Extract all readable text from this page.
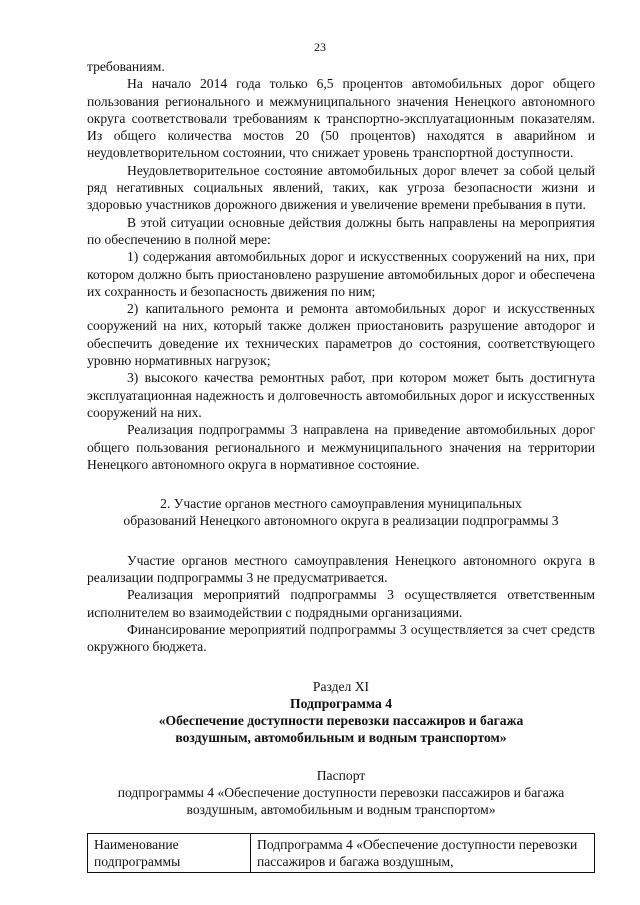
23

требованиям.

На начало 2014 года только 6,5 процентов автомобильных дорог общего пользования регионального и межмуниципального значения Ненецкого автономного округа соответствовали требованиям к транспортно-эксплуатационным показателям. Из общего количества мостов 20 (50 процентов) находятся в аварийном и неудовлетворительном состоянии, что снижает уровень транспортной доступности.

Неудовлетворительное состояние автомобильных дорог влечет за собой целый ряд негативных социальных явлений, таких, как угроза безопасности жизни и здоровью участников дорожного движения и увеличение времени пребывания в пути.

В этой ситуации основные действия должны быть направлены на мероприятия по обеспечению в полной мере:

1) содержания автомобильных дорог и искусственных сооружений на них, при котором должно быть приостановлено разрушение автомобильных дорог и обеспечена их сохранность и безопасность движения по ним;

2) капитального ремонта и ремонта автомобильных дорог и искусственных сооружений на них, который также должен приостановить разрушение автодорог и обеспечить доведение их технических параметров до состояния, соответствующего уровню нормативных нагрузок;

3) высокого качества ремонтных работ, при котором может быть достигнута эксплуатационная надежность и долговечность автомобильных дорог и искусственных сооружений на них.

Реализация подпрограммы 3 направлена на приведение автомобильных дорог общего пользования регионального и межмуниципального значения на территории Ненецкого автономного округа в нормативное состояние.

2. Участие органов местного самоуправления муниципальных

образований Ненецкого автономного округа в реализации подпрограммы 3

Участие органов местного самоуправления Ненецкого автономного округа в реализации подпрограммы 3 не предусматривается.

Реализация мероприятий подпрограммы 3 осуществляется ответственным исполнителем во взаимодействии с подрядными организациями.

Финансирование мероприятий подпрограммы 3 осуществляется за счет средств окружного бюджета.

Раздел XI

Подпрограмма 4

«Обеспечение доступности перевозки пассажиров и багажа

воздушным, автомобильным и водным транспортом»

Паспорт

подпрограммы 4 «Обеспечение доступности перевозки пассажиров и багажа

воздушным, автомобильным и водным транспортом»

Наименование подпрограммы	Подпрограмма 4 «Обеспечение доступности перевозки пассажиров и багажа воздушным,
